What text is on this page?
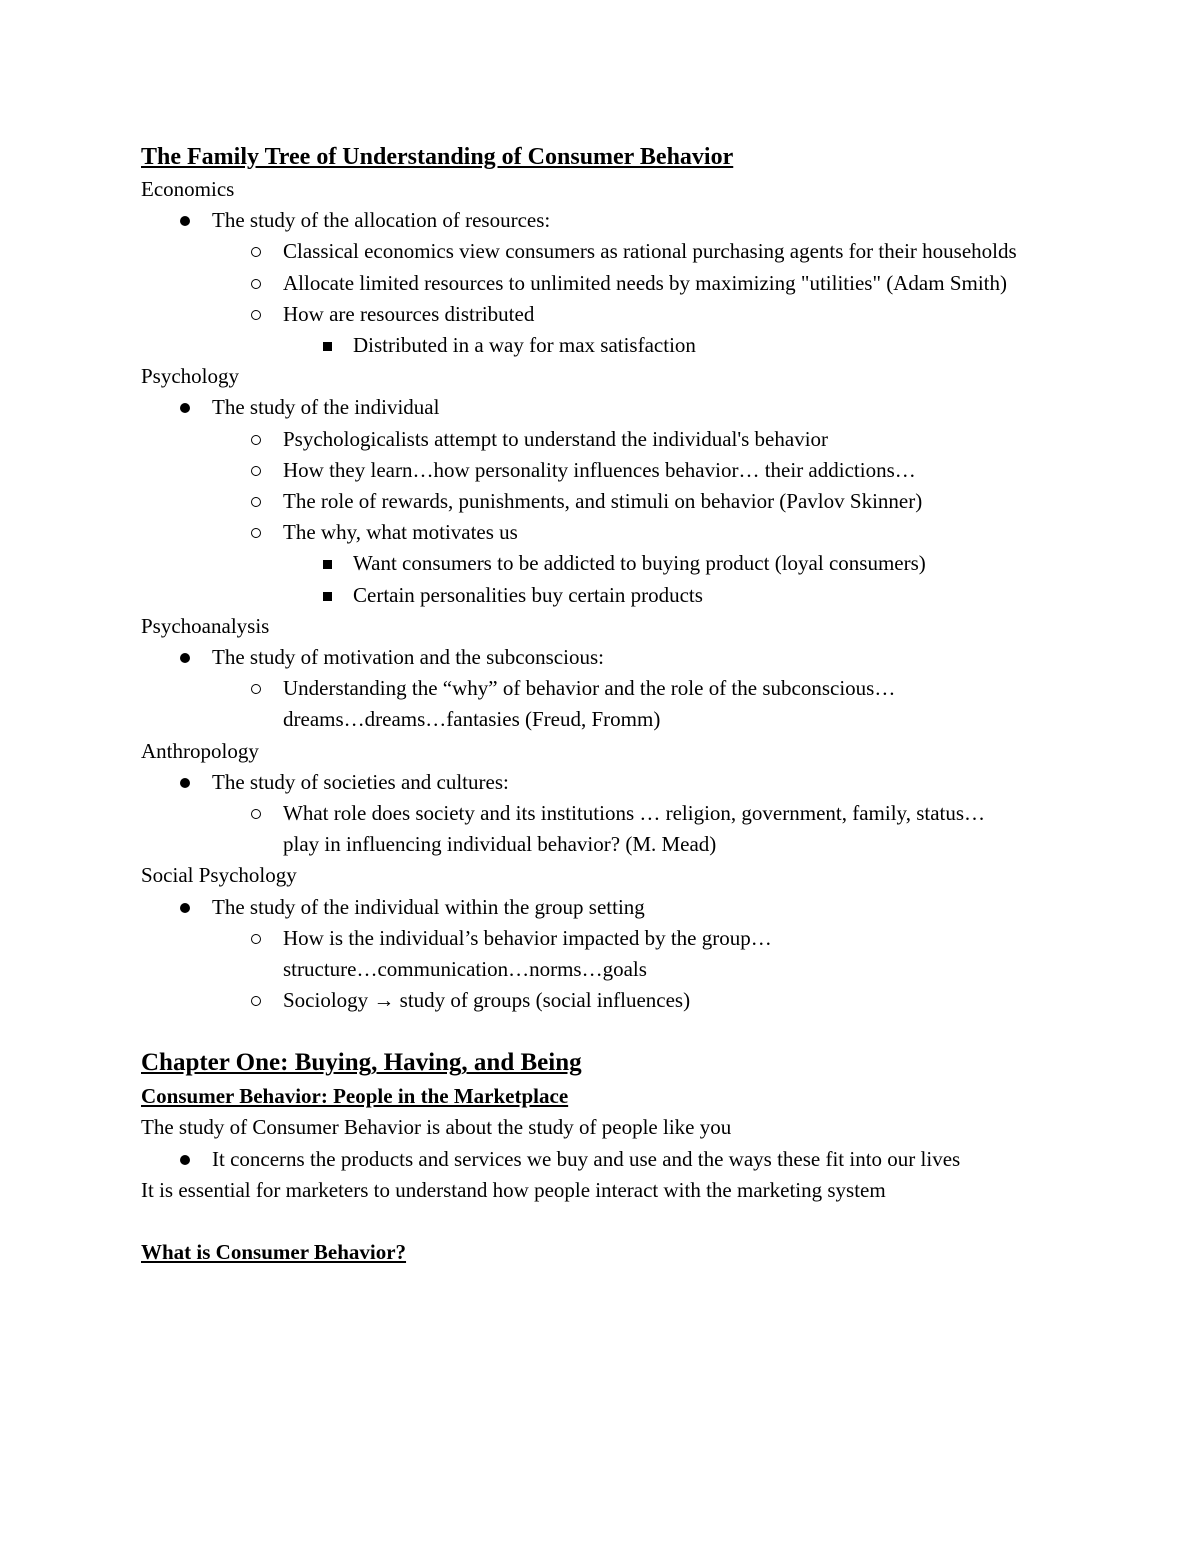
The Family Tree of Understanding of Consumer Behavior

Economics

The study of the allocation of resources:
Classical economics view consumers as rational purchasing agents for their households
Allocate limited resources to unlimited needs by maximizing "utilities" (Adam Smith)
How are resources distributed
Distributed in a way for max satisfaction

Psychology

The study of the individual
Psychologicalists attempt to understand the individual's behavior
How they learn…how personality influences behavior… their addictions…
The role of rewards, punishments, and stimuli on behavior (Pavlov Skinner)
The why, what motivates us
Want consumers to be addicted to buying product (loyal consumers)
Certain personalities buy certain products

Psychoanalysis

The study of motivation and the subconscious:
Understanding the “why” of behavior and the role of the subconscious…dreams…dreams…fantasies (Freud, Fromm)

Anthropology

The study of societies and cultures:
What role does society and its institutions … religion, government, family, status…play in influencing individual behavior? (M. Mead)

Social Psychology

The study of the individual within the group setting
How is the individual’s behavior impacted by the group…structure…communication…norms…goals
Sociology → study of groups (social influences)
Chapter One: Buying, Having, and Being
Consumer Behavior: People in the Marketplace

The study of Consumer Behavior is about the study of people like you

It concerns the products and services we buy and use and the ways these fit into our lives

It is essential for marketers to understand how people interact with the marketing system

What is Consumer Behavior?
